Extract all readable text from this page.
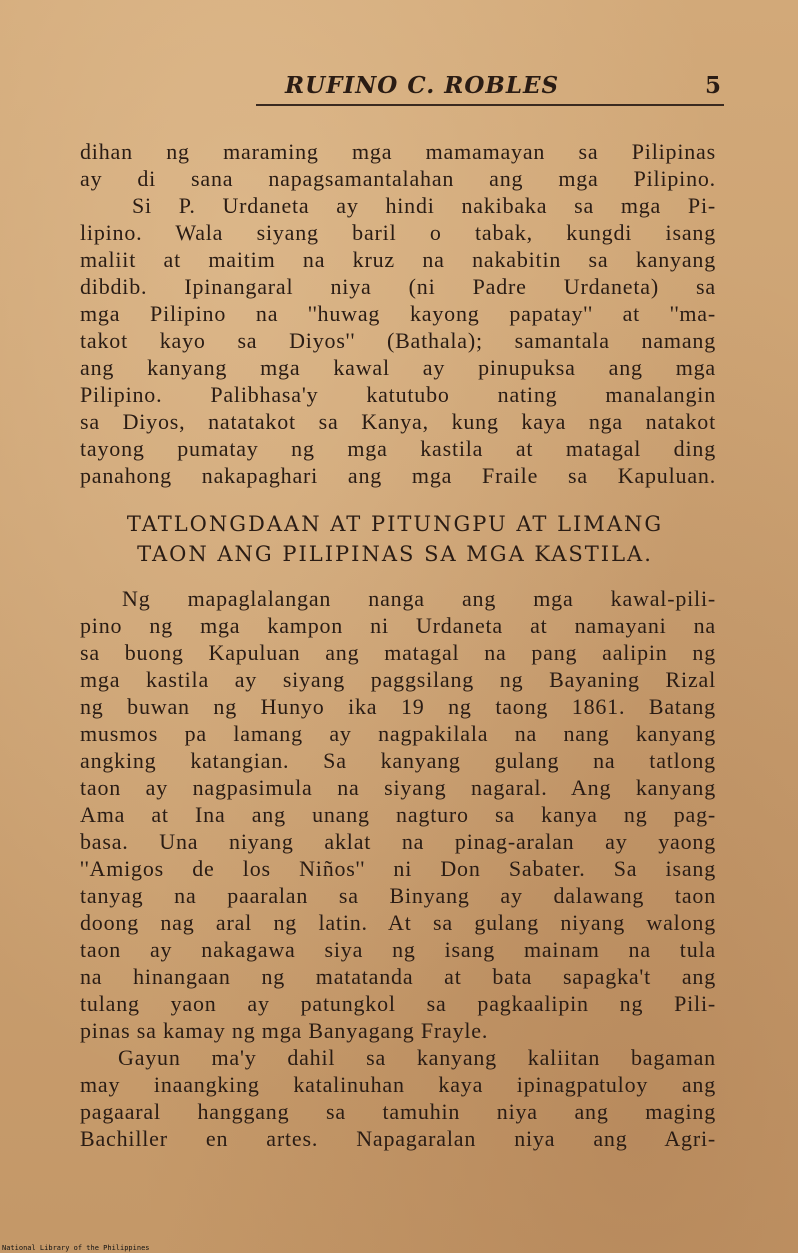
RUFINO C. ROBLES	5
dihan ng maraming mga mamamayan sa Pilipinas
ay di sana napagsamantalahan ang mga Pilipino.
Si P. Urdaneta ay hindi nakibaka sa mga Pi-
lipino. Wala siyang baril o tabak, kungdi isang
maliit at maitim na kruz na nakabitin sa kanyang
dibdib. Ipinangaral niya (ni Padre Urdaneta) sa
mga Pilipino na ''huwag kayong papatay'' at ''ma-
takot kayo sa Diyos'' (Bathala); samantala namang
ang kanyang mga kawal ay pinupuksa ang mga
Pilipino. Palibhasa'y katutubo nating manalangin
sa Diyos, natatakot sa Kanya, kung kaya nga natakot
tayong pumatay ng mga kastila at matagal ding
panahong nakapaghari ang mga Fraile sa Kapuluan.
TATLONGDAAN AT PITUNGPU AT LIMANG
TAON ANG PILIPINAS SA MGA KASTILA.
Ng mapaglalangan nanga ang mga kawal-pili-
pino ng mga kampon ni Urdaneta at namayani na
sa buong Kapuluan ang matagal na pang aalipin ng
mga kastila ay siyang paggsilang ng Bayaning Rizal
ng buwan ng Hunyo ika 19 ng taong 1861. Batang
musmos pa lamang ay nagpakilala na nang kanyang
angking katangian. Sa kanyang gulang na tatlong
taon ay nagpasimula na siyang nagaral. Ang kanyang
Ama at Ina ang unang nagturo sa kanya ng pag-
basa. Una niyang aklat na pinag-aralan ay yaong
''Amigos de los Niños'' ni Don Sabater. Sa isang
tanyag na paaralan sa Binyang ay dalawang taon
doong nag aral ng latin. At sa gulang niyang walong
taon ay nakagawa siya ng isang mainam na tula
na hinangaan ng matatanda at bata sapagka't ang
tulang yaon ay patungkol sa pagkaalipin ng Pili-
pinas sa kamay ng mga Banyagang Frayle.
Gayun ma'y dahil sa kanyang kaliitan bagaman
may inaangking katalinuhan kaya ipinagpatuloy ang
pagaaral hanggang sa tamuhin niya ang maging
Bachiller en artes. Napagaralan niya ang Agri-
National Library of the Philippines
